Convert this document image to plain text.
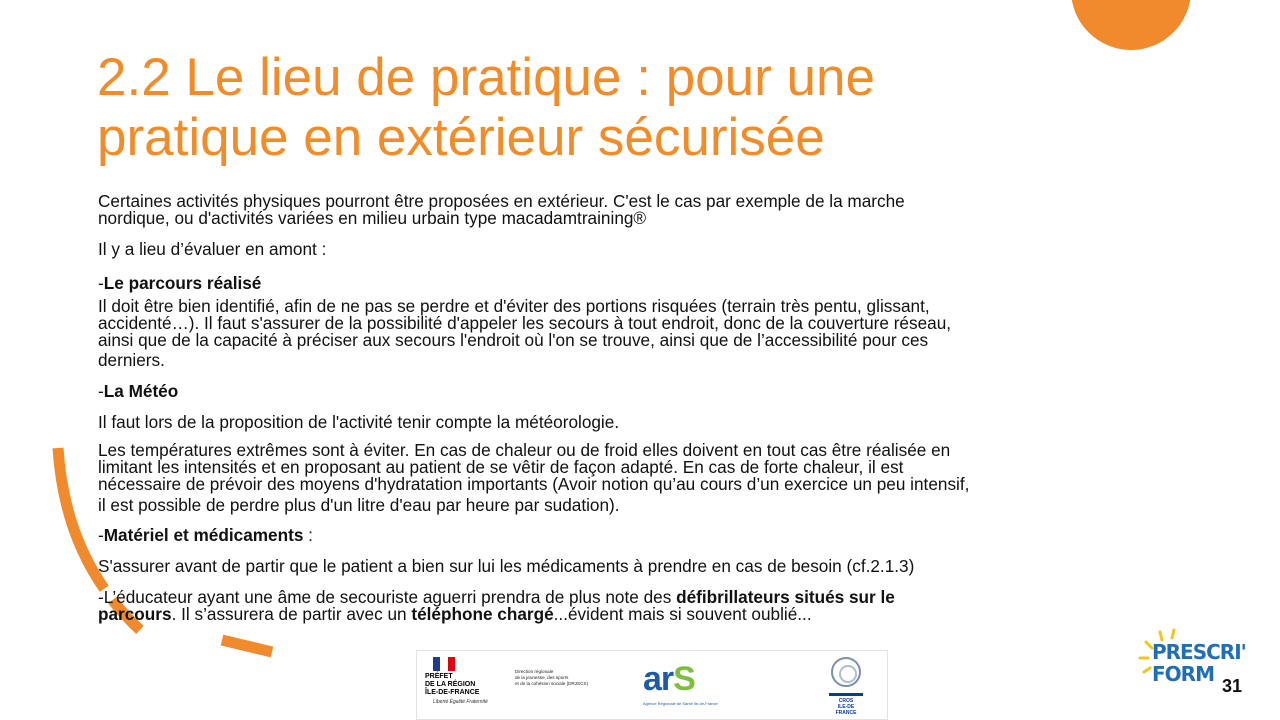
2.2 Le lieu de pratique : pour une
pratique en extérieur sécurisée

Certaines activités physiques pourront être proposées en extérieur. C'est le cas par exemple de la marche

nordique, ou d'activités variées en milieu urbain type macadamtraining®

Il y a lieu d’évaluer en amont :

-Le parcours réalisé

Il doit être bien identifié, afin de ne pas se perdre et d'éviter des portions risquées (terrain très pentu, glissant,

accidenté…). Il faut s'assurer de la possibilité d'appeler les secours à tout endroit, donc de la couverture réseau,

ainsi que de la capacité à préciser aux secours l'endroit où l'on se trouve, ainsi que de l’accessibilité pour ces

derniers.

-La Météo

Il faut lors de la proposition de l'activité tenir compte la météorologie.

Les températures extrêmes sont à éviter. En cas de chaleur ou de froid elles doivent en tout cas être réalisée en

limitant les intensités et en proposant au patient de se vêtir de façon adapté. En cas de forte chaleur, il est

nécessaire de prévoir des moyens d'hydratation importants (Avoir notion qu’au cours d’un exercice un peu intensif,

il est possible de perdre plus d'un litre d'eau par heure par sudation).

-Matériel et médicaments :

S'assurer avant de partir que le patient a bien sur lui les médicaments à prendre en cas de besoin (cf.2.1.3)

-L’éducateur ayant une âme de secouriste aguerri prendra de plus note des défibrillateurs situés sur le
parcours. Il s’assurera de partir avec un téléphone chargé...évident mais si souvent oublié...

PRÉFET
DE LA RÉGION
ÎLE-DE-FRANCE
Liberté Égalité Fraternité
Direction régionale
de la jeunesse, des sports
et de la cohésion sociale (DRJSCS)	arS
Agence Régionale de Santé Ile-de-France	CROS
ILE-DE
FRANCE
PRESCRI'
FORM 31
